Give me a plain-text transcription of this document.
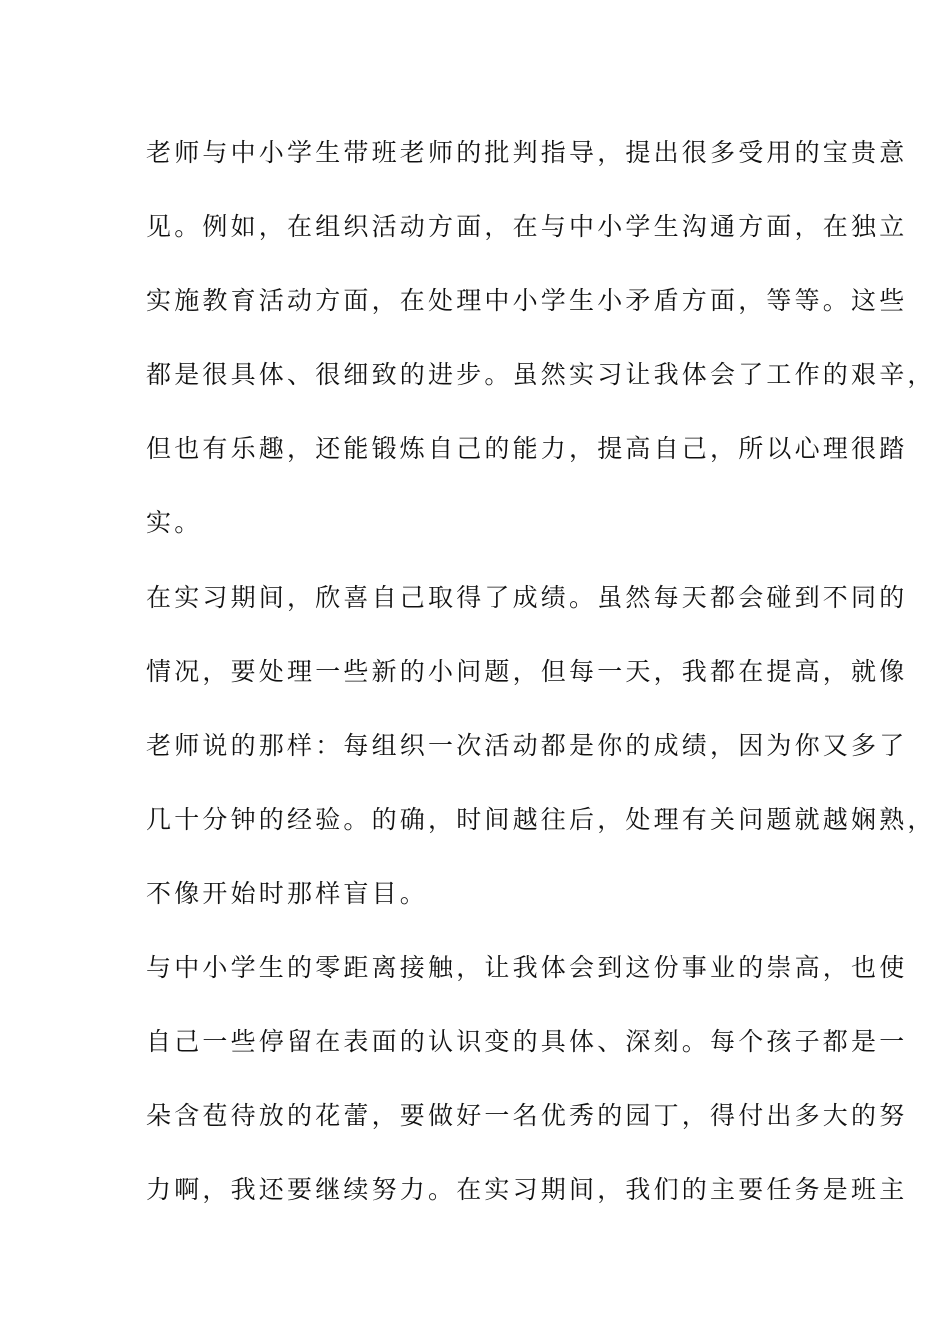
老师与中小学生带班老师的批判指导，提出很多受用的宝贵意
见。例如，在组织活动方面，在与中小学生沟通方面，在独立
实施教育活动方面，在处理中小学生小矛盾方面，等等。这些
都是很具体、很细致的进步。虽然实习让我体会了工作的艰辛，
但也有乐趣，还能锻炼自己的能力，提高自己，所以心理很踏
实。
在实习期间，欣喜自己取得了成绩。虽然每天都会碰到不同的
情况，要处理一些新的小问题，但每一天，我都在提高，就像
老师说的那样：每组织一次活动都是你的成绩，因为你又多了
几十分钟的经验。的确，时间越往后，处理有关问题就越娴熟，
不像开始时那样盲目。
与中小学生的零距离接触，让我体会到这份事业的崇高，也使
自己一些停留在表面的认识变的具体、深刻。每个孩子都是一
朵含苞待放的花蕾，要做好一名优秀的园丁，得付出多大的努
力啊，我还要继续努力。在实习期间，我们的主要任务是班主
